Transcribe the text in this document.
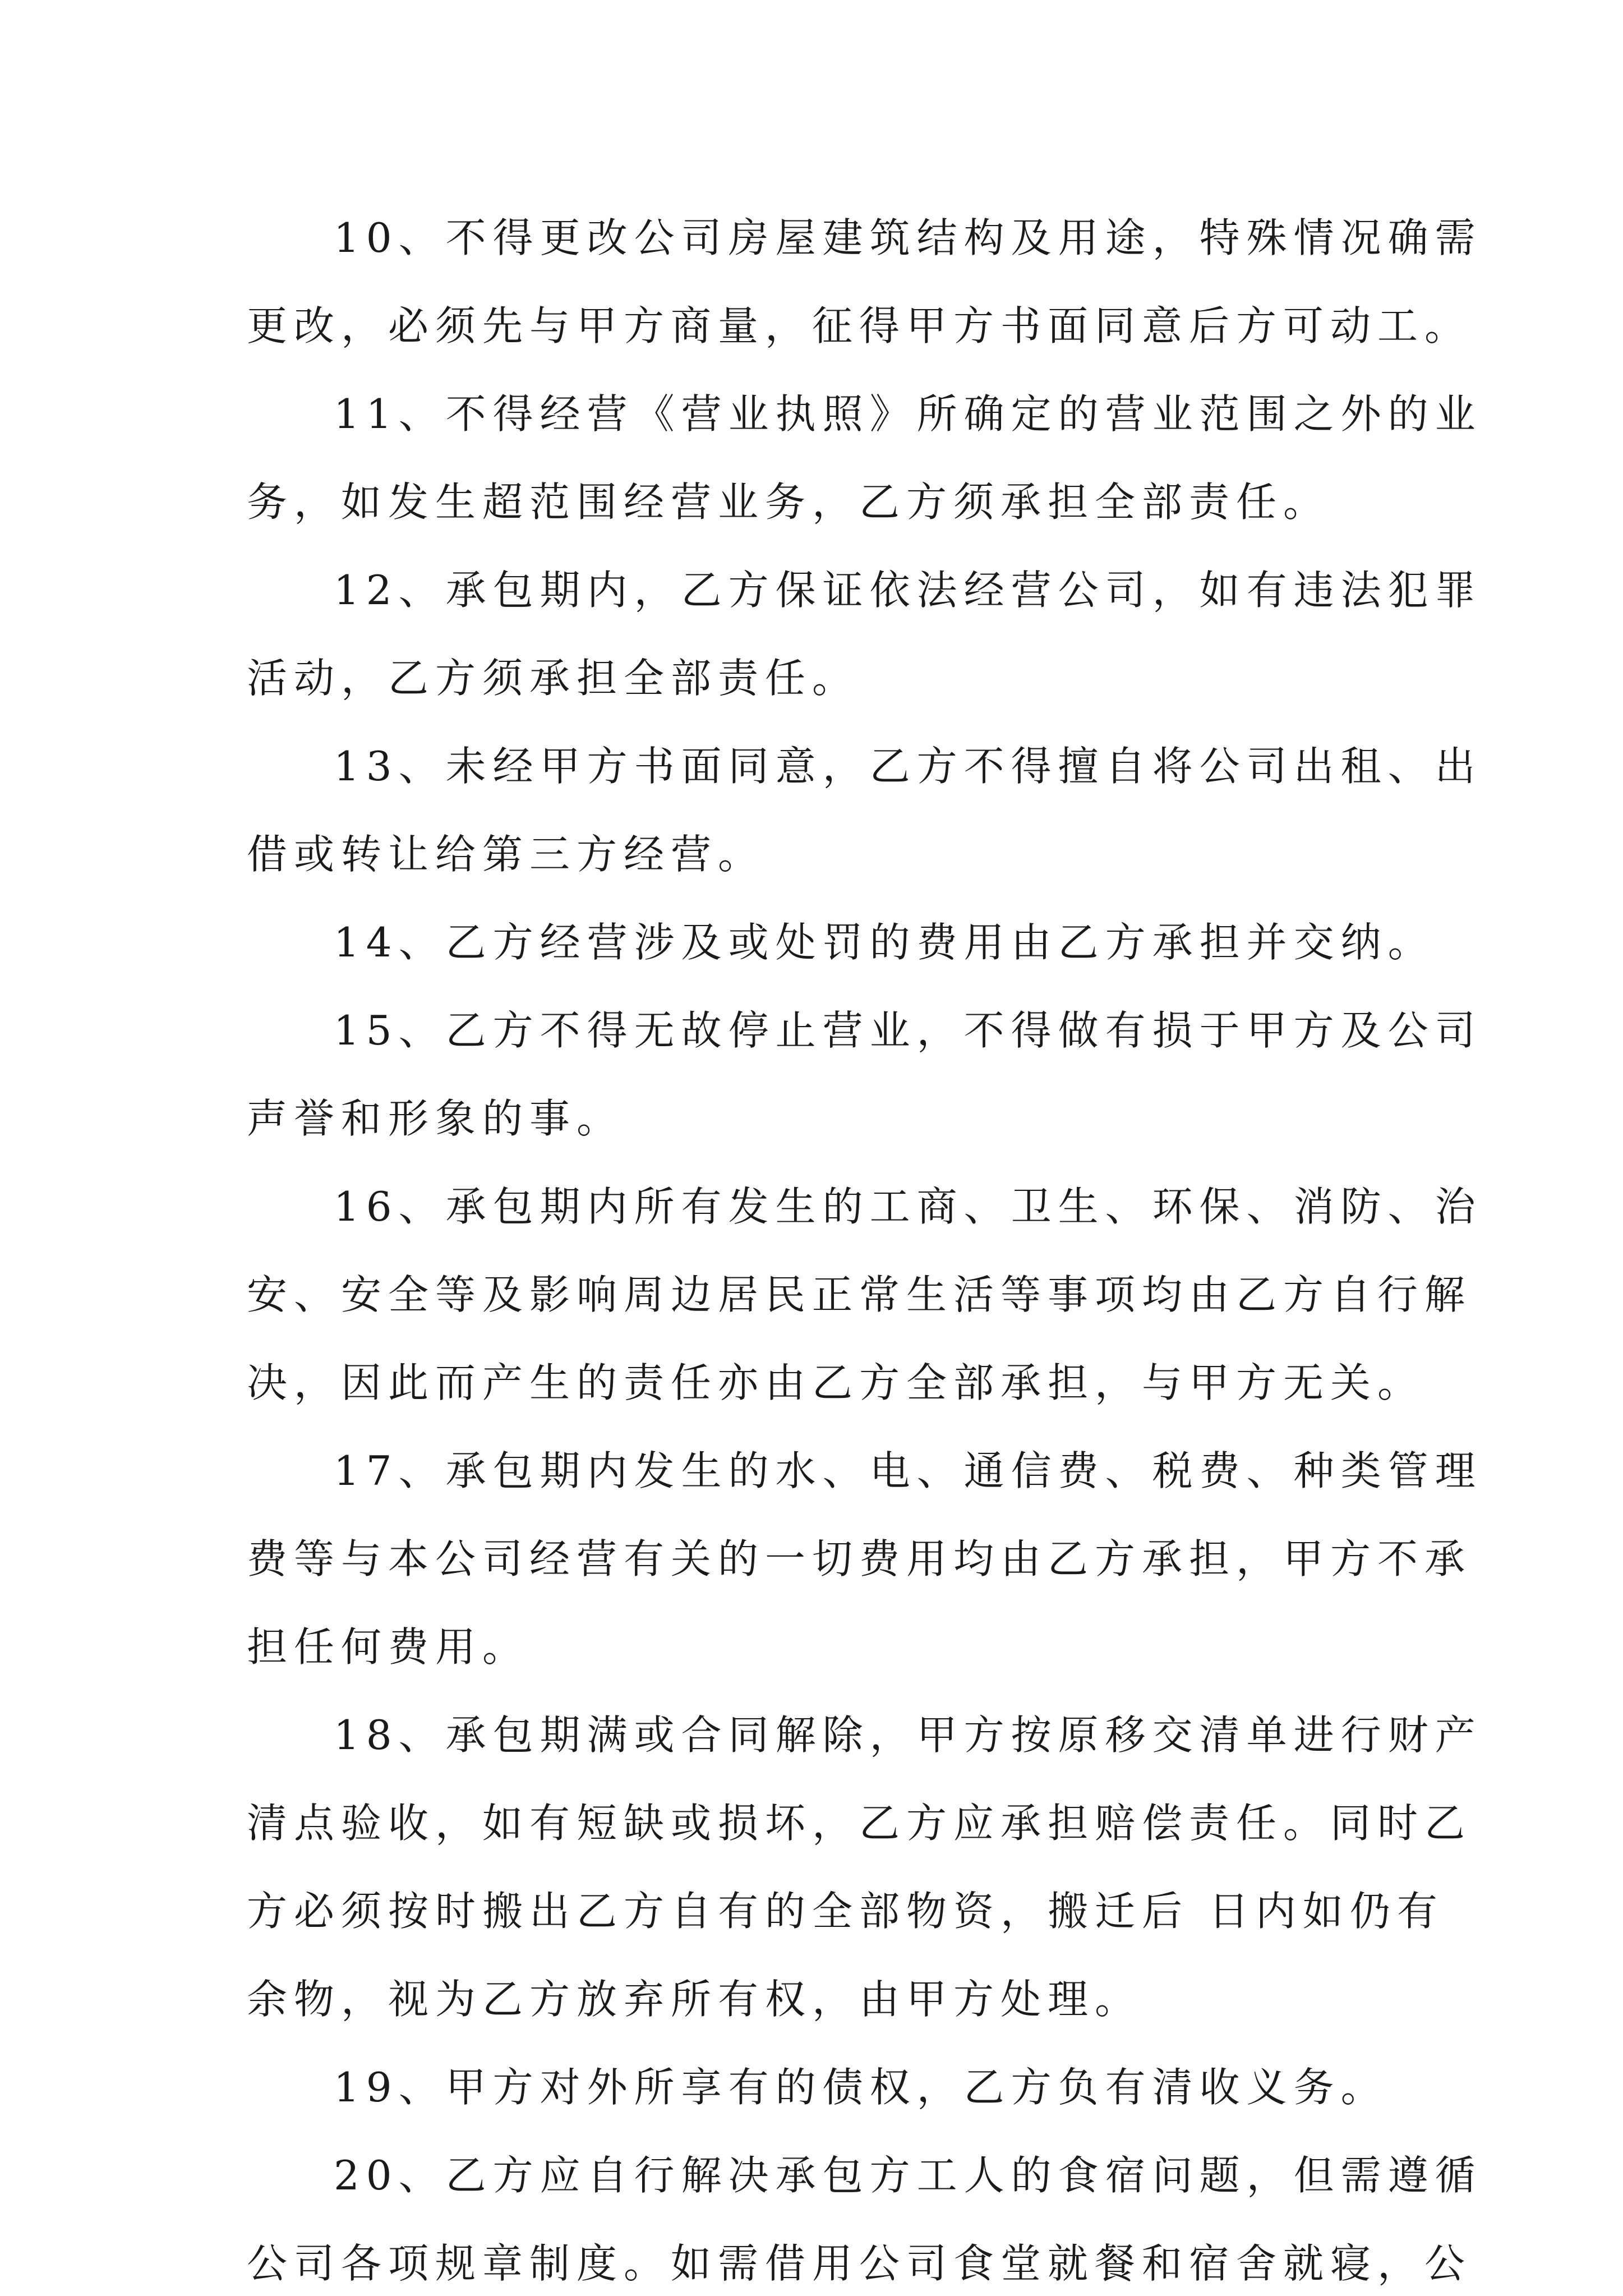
10、不得更改公司房屋建筑结构及用途，特殊情况确需
更改，必须先与甲方商量，征得甲方书面同意后方可动工。
11、不得经营《营业执照》所确定的营业范围之外的业
务，如发生超范围经营业务，乙方须承担全部责任。
12、承包期内，乙方保证依法经营公司，如有违法犯罪
活动，乙方须承担全部责任。
13、未经甲方书面同意，乙方不得擅自将公司出租、出
借或转让给第三方经营。
14、乙方经营涉及或处罚的费用由乙方承担并交纳。
15、乙方不得无故停止营业，不得做有损于甲方及公司
声誉和形象的事。
16、承包期内所有发生的工商、卫生、环保、消防、治
安、安全等及影响周边居民正常生活等事项均由乙方自行解
决，因此而产生的责任亦由乙方全部承担，与甲方无关。
17、承包期内发生的水、电、通信费、税费、种类管理
费等与本公司经营有关的一切费用均由乙方承担，甲方不承
担任何费用。
18、承包期满或合同解除，甲方按原移交清单进行财产
清点验收，如有短缺或损坏，乙方应承担赔偿责任。同时乙
方必须按时搬出乙方自有的全部物资，搬迁后 日内如仍有
余物，视为乙方放弃所有权，由甲方处理。
19、甲方对外所享有的债权，乙方负有清收义务。
20、乙方应自行解决承包方工人的食宿问题，但需遵循
公司各项规章制度。如需借用公司食堂就餐和宿舍就寝，公
